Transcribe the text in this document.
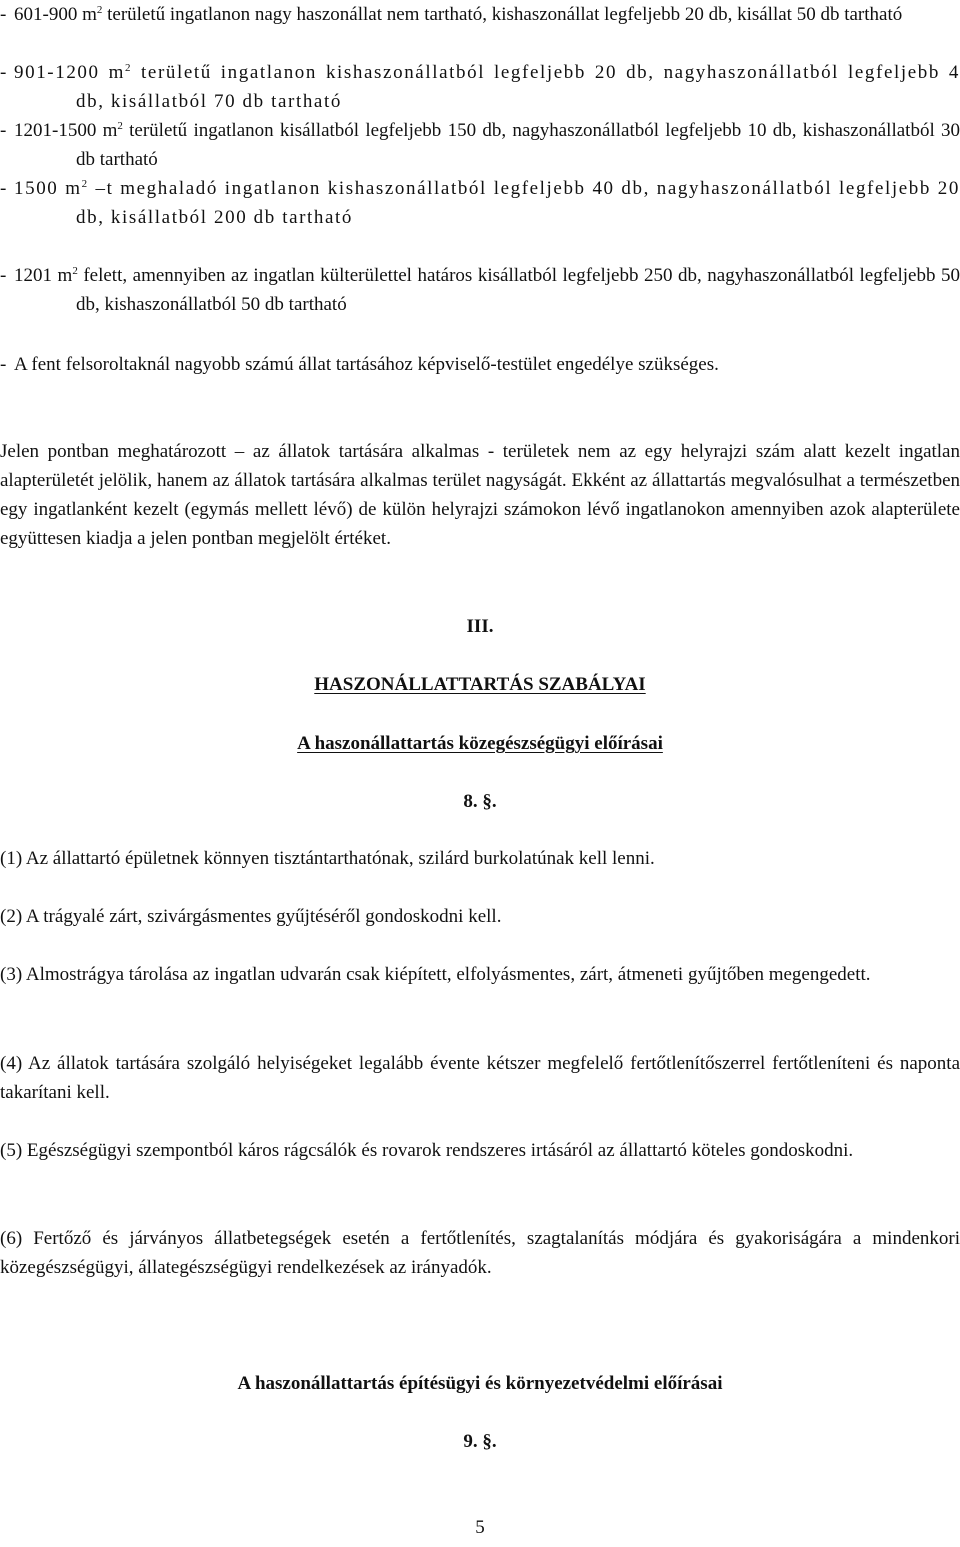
- 601-900 $m^2$ területű ingatlanon nagy haszonállat nem tartható, kishaszonállat legfeljebb 20 db, kisállat 50 db tartható

- 901-1200 $m^2$ területű ingatlanon kishaszonállatból legfeljebb 20 db, nagyhaszonállatból legfeljebb 4 db, kisállatból 70 db tartható

- 1201-1500 $m^2$ területű ingatlanon kisállatból legfeljebb 150 db, nagyhaszonállatból legfeljebb 10 db, kishaszonállatból 30 db tartható

- 1500 $m^2$ –t meghaladó ingatlanon kishaszonállatból legfeljebb 40 db, nagyhaszonállatból legfeljebb 20 db, kisállatból 200 db tartható

- 1201 $m^2$ felett, amennyiben az ingatlan külterülettel határos kisállatból legfeljebb 250 db, nagyhaszonállatból legfeljebb 50 db, kishaszonállatból 50 db tartható

- A fent felsoroltaknál nagyobb számú állat tartásához képviselő-testület engedélye szükséges.

Jelen pontban meghatározott – az állatok tartására alkalmas - területek nem az egy helyrajzi szám alatt kezelt ingatlan alapterületét jelölik, hanem az állatok tartására alkalmas terület nagyságát. Ekként az állattartás megvalósulhat a természetben egy ingatlanként kezelt (egymás mellett lévő) de külön helyrajzi számokon lévő ingatlanokon amennyiben azok alapterülete együttesen kiadja a jelen pontban megjelölt értéket.

III.

HASZONÁLLATTARTÁS SZABÁLYAI

A haszonállattartás közegészségügyi előírásai

8. §.

(1) Az állattartó épületnek könnyen tisztántarthatónak, szilárd burkolatúnak kell lenni.

(2) A trágyalé zárt, szivárgásmentes gyűjtéséről gondoskodni kell.

(3) Almostrágya tárolása az ingatlan udvarán csak kiépített, elfolyásmentes, zárt, átmeneti gyűjtőben megengedett.

(4) Az állatok tartására szolgáló helyiségeket legalább évente kétszer megfelelő fertőtlenítőszerrel fertőtleníteni és naponta takarítani kell.

(5) Egészségügyi szempontból káros rágcsálók és rovarok rendszeres irtásáról az állattartó köteles gondoskodni.

(6) Fertőző és járványos állatbetegségek esetén a fertőtlenítés, szagtalanítás módjára és gyakoriságára a mindenkori közegészségügyi, állategészségügyi rendelkezések az irányadók.

A haszonállattartás építésügyi és környezetvédelmi előírásai

9. §.

5
